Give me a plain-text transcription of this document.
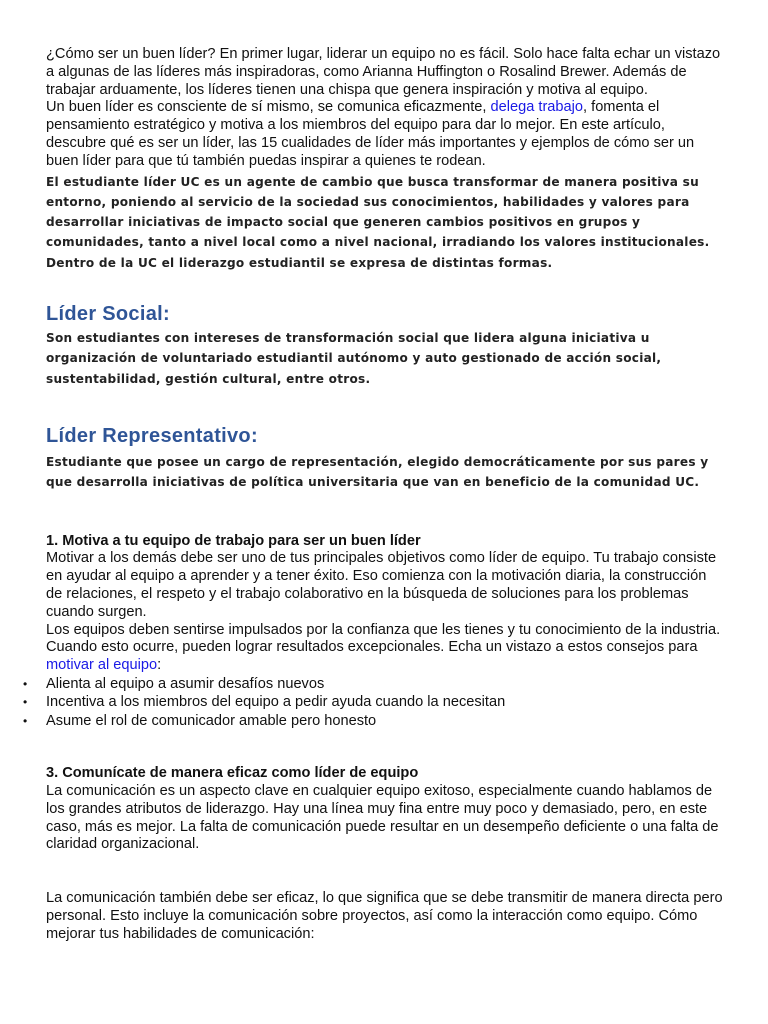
¿Cómo ser un buen líder? En primer lugar, liderar un equipo no es fácil. Solo hace falta echar un vistazo a algunas de las líderes más inspiradoras, como Arianna Huffington o Rosalind Brewer. Además de trabajar arduamente, los líderes tienen una chispa que genera inspiración y motiva al equipo.

Un buen líder es consciente de sí mismo, se comunica eficazmente, delega trabajo, fomenta el pensamiento estratégico y motiva a los miembros del equipo para dar lo mejor. En este artículo, descubre qué es ser un líder, las 15 cualidades de líder más importantes y ejemplos de cómo ser un buen líder para que tú también puedas inspirar a quienes te rodean.

El estudiante líder UC es un agente de cambio que busca transformar de manera positiva su entorno, poniendo al servicio de la sociedad sus conocimientos, habilidades y valores para desarrollar iniciativas de impacto social que generen cambios positivos en grupos y comunidades, tanto a nivel local como a nivel nacional, irradiando los valores institucionales. Dentro de la UC el liderazgo estudiantil se expresa de distintas formas.

Líder Social:

Son estudiantes con intereses de transformación social que lidera alguna iniciativa u organización de voluntariado estudiantil autónomo y auto gestionado de acción social, sustentabilidad, gestión cultural, entre otros.

Líder Representativo:

Estudiante que posee un cargo de representación, elegido democráticamente por sus pares y que desarrolla iniciativas de política universitaria que van en beneficio de la comunidad UC.

1. Motiva a tu equipo de trabajo para ser un buen líder

Motivar a los demás debe ser uno de tus principales objetivos como líder de equipo. Tu trabajo consiste en ayudar al equipo a aprender y a tener éxito. Eso comienza con la motivación diaria, la construcción de relaciones, el respeto y el trabajo colaborativo en la búsqueda de soluciones para los problemas cuando surgen.

Los equipos deben sentirse impulsados por la confianza que les tienes y tu conocimiento de la industria. Cuando esto ocurre, pueden lograr resultados excepcionales. Echa un vistazo a estos consejos para motivar al equipo:

• Alienta al equipo a asumir desafíos nuevos
• Incentiva a los miembros del equipo a pedir ayuda cuando la necesitan
• Asume el rol de comunicador amable pero honesto
3. Comunícate de manera eficaz como líder de equipo

La comunicación es un aspecto clave en cualquier equipo exitoso, especialmente cuando hablamos de los grandes atributos de liderazgo. Hay una línea muy fina entre muy poco y demasiado, pero, en este caso, más es mejor. La falta de comunicación puede resultar en un desempeño deficiente o una falta de claridad organizacional.

La comunicación también debe ser eficaz, lo que significa que se debe transmitir de manera directa pero personal. Esto incluye la comunicación sobre proyectos, así como la interacción como equipo. Cómo mejorar tus habilidades de comunicación:
